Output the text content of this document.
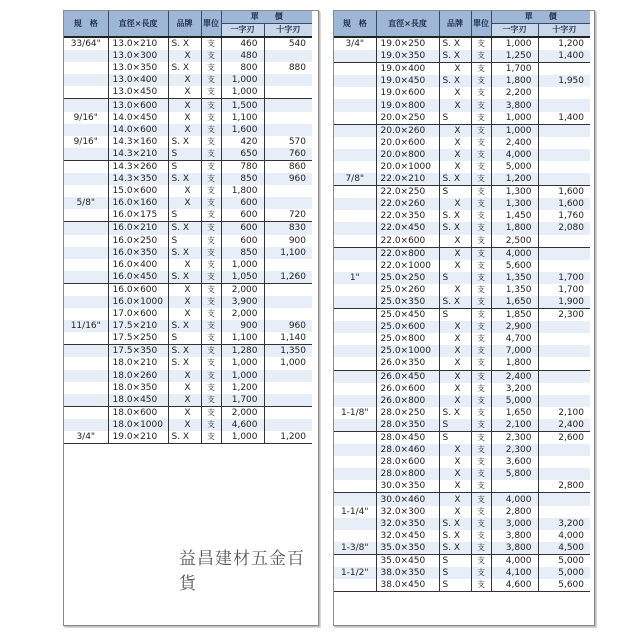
規　格	直徑×長度	品牌	單位	單　　價	
				一字刃	十字刃
33/64"	13.0×210	S. X	支	460	540
	13.0×300	X	支	480	
	13.0×350	S. X	支	800	880
	13.0×400	X	支	1,000	
	13.0×450	X	支	1,000	
	13.0×600	X	支	1,500	
9/16"	14.0×450	X	支	1,100	
	14.0×600	X	支	1,600	
9/16"	14.3×160	S. X	支	420	570
	14.3×210	S	支	650	760
	14.3×260	S	支	780	860
	14.3×350	S. X	支	850	960
	15.0×600	X	支	1,800	
5/8"	16.0×160	X	支	600	
	16.0×175	S	支	600	720
	16.0×210	S. X	支	600	830
	16.0×250	S	支	600	900
	16.0×350	S. X	支	850	1,100
	16.0×400	X	支	1,000	
	16.0×450	S. X	支	1,050	1,260
	16.0×600	X	支	2,000	
	16.0×1000	X	支	3,900	
	17.0×600	X	支	2,000	
11/16"	17.5×210	S. X	支	900	960
	17.5×250	S	支	1,100	1,140
	17.5×350	S. X	支	1,280	1,350
	18.0×210	S. X	支	1,000	1,000
	18.0×260	X	支	1,000	
	18.0×350	X	支	1,200	
	18.0×450	X	支	1,700	
	18.0×600	X	支	2,000	
	18.0×1000	X	支	4,600	
3/4"	19.0×210	S. X	支	1,000	1,200
益昌建材五金百貨
規　格	直徑×長度	品牌	單位	單　　價	
				一字刃	十字刃
3/4"	19.0×250	S. X	支	1,000	1,200
	19.0×350	S. X	支	1,250	1,400
	19.0×400	X	支	1,700	
	19.0×450	S. X	支	1,800	1,950
	19.0×600	X	支	2,200	
	19.0×800	X	支	3,800	
	20.0×250	S	支	1,000	1,400
	20.0×260	X	支	1,000	
	20.0×600	X	支	2,400	
	20.0×800	X	支	4,000	
	20.0×1000	X	支	5,000	
7/8"	22.0×210	S. X	支	1,200	
	22.0×250	S	支	1,300	1,600
	22.0×260	X	支	1,300	1,600
	22.0×350	S. X	支	1,450	1,760
	22.0×450	S. X	支	1,800	2,080
	22.0×600	X	支	2,500	
	22.0×800	X	支	4,000	
	22.0×1000	X	支	5,600	
1"	25.0×250	S	支	1,350	1,700
	25.0×260	X	支	1,350	1,700
	25.0×350	S. X	支	1,650	1,900
	25.0×450	S	支	1,850	2,300
	25.0×600	X	支	2,900	
	25.0×800	X	支	4,700	
	25.0×1000	X	支	7,000	
	26.0×350	X	支	1,800	
	26.0×450	X	支	2,400	
	26.0×600	X	支	3,200	
	26.0×800	X	支	5,000	
1-1/8"	28.0×250	S. X	支	1,650	2,100
	28.0×350	S	支	2,100	2,400
	28.0×450	S	支	2,300	2,600
	28.0×460	X	支	2,300	
	28.0×600	X	支	3,600	
	28.0×800	X	支	5,800	
	30.0×350	X	支		2,800
	30.0×460	X	支	4,000	
1-1/4"	32.0×300	X	支	2,800	
	32.0×350	S. X	支	3,000	3,200
	32.0×450	S. X	支	3,800	4,000
1-3/8"	35.0×350	S. X	支	3,800	4,500
	35.0×450	S	支	4,000	5,000
1-1/2"	38.0×350	S	支	4,100	5,000
	38.0×450	S	支	4,600	5,600
